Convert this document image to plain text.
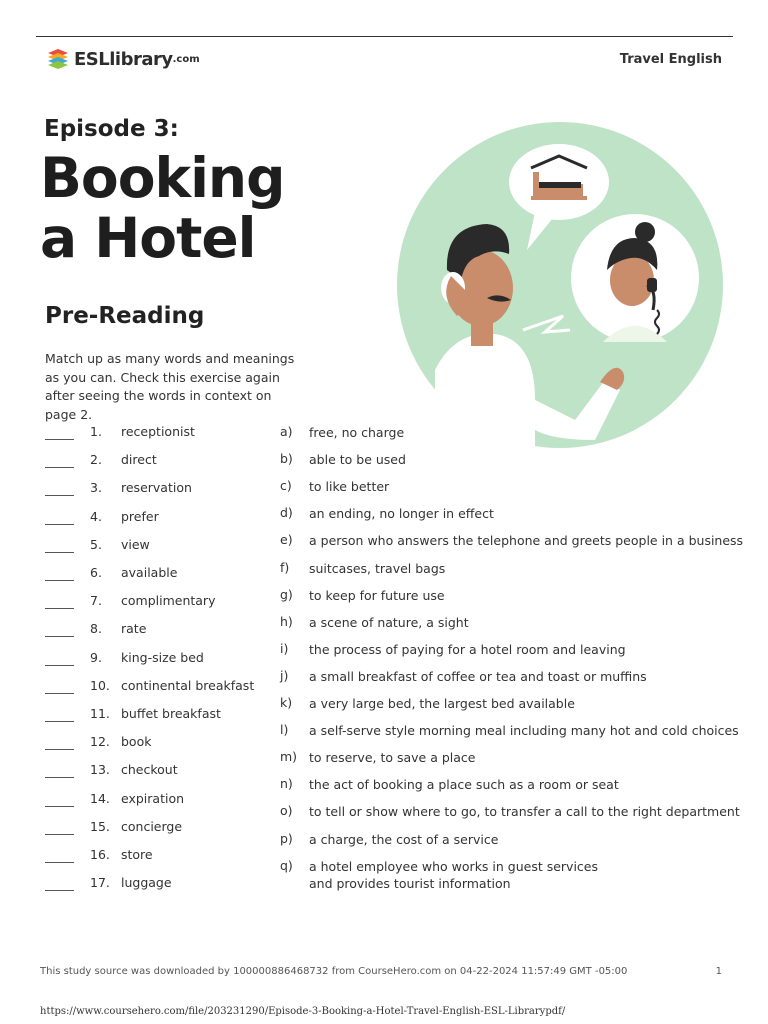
ESLlibrary .com	Travel English
Episode 3:
Booking
a Hotel
Pre-Reading
Match up as many words and meanings as you can. Check this exercise again after seeing the words in context on page 2.
1.	receptionist
2.	direct
3.	reservation
4.	prefer
5.	view
6.	available
7.	complimentary
8.	rate
9.	king-size bed
10. continental breakfast
11. buffet breakfast
12. book
13. checkout
14. expiration
15. concierge
16. store
17. luggage
a)	free, no charge
b)	able to be used
c)	to like better
d)	an ending, no longer in effect
e)	a person who answers the telephone and greets people in a business
f)	suitcases, travel bags
g)	to keep for future use
h)	a scene of nature, a sight
i)	the process of paying for a hotel room and leaving
j)	a small breakfast of coffee or tea and toast or muffins
k)	a very large bed, the largest bed available
l)	a self-serve style morning meal including many hot and cold choices
m) to reserve, to save a place
n)	the act of booking a place such as a room or seat
o)	to tell or show where to go, to transfer a call to the right department
p)	a charge, the cost of a service
q)	a hotel employee who works in guest services
and provides tourist information
This study source was downloaded by 100000886468732 from CourseHero.com on 04-22-2024 11:57:49 GMT -05:00	1
https://www.coursehero.com/file/203231290/Episode-3-Booking-a-Hotel-Travel-English-ESL-Librarypdf/
